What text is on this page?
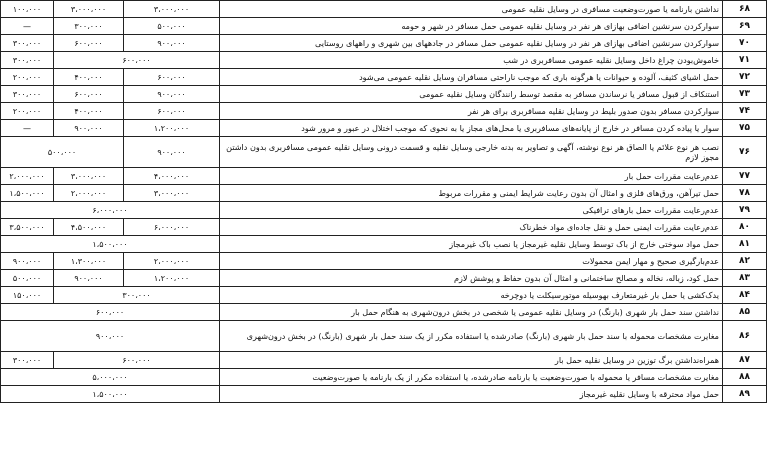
۱۰۰،۰۰۰	۳،۰۰۰،۰۰۰	۳،۰۰۰،۰۰۰	نداشتن بارنامه یا صورت‌وضعیت مسافری در وسایل نقلیه عمومی	۶۸
—	۳۰۰،۰۰۰	۵۰۰،۰۰۰	سوارکردن سرنشین اضافی بهازای هر نفر در وسایل نقلیه عمومی حمل مسافر در شهر و حومه	۶۹
۳۰۰،۰۰۰	۶۰۰،۰۰۰	۹۰۰،۰۰۰	سوارکردن سرنشین اضافی بهازای هر نفر در وسایل نقلیه عمومی حمل مسافر در جادههای بین شهری و راههای روستایی	۷۰
۳۰۰،۰۰۰	۶۰۰،۰۰۰		خاموش‌بودن چراغ داخل وسایل نقلیه عمومی مسافربری در شب	۷۱
۲۰۰،۰۰۰	۴۰۰،۰۰۰	۶۰۰،۰۰۰	حمل اشیای کثیف، آلوده و حیوانات یا هرگونه باری که موجب ناراحتی مسافران وسایل نقلیه عمومی می‌شود	۷۲
۳۰۰،۰۰۰	۶۰۰،۰۰۰	۹۰۰،۰۰۰	استنکاف از قبول مسافر یا نرساندن مسافر به مقصد توسط رانندگان وسایل نقلیه عمومی	۷۳
۲۰۰،۰۰۰	۴۰۰،۰۰۰	۶۰۰،۰۰۰	سوارکردن مسافر بدون صدور بلیط در وسایل نقلیه مسافربری برای هر نفر	۷۴
—	۹۰۰،۰۰۰	۱،۲۰۰،۰۰۰	سوار یا پیاده کردن مسافر در خارج از پایانه‌های مسافربری یا محل‌های مجاز یا به نحوی که موجب اختلال در عبور و مرور شود	۷۵
۵۰۰،۰۰۰		۹۰۰،۰۰۰	نصب هر نوع علائم یا الصاق هر نوع نوشته، آگهی و تصاویر به بدنه خارجی وسایل نقلیه و قسمت درونی وسایل نقلیه عمومی مسافربری بدون داشتن مجوز لازم	۷۶
۲،۰۰۰،۰۰۰	۳،۰۰۰،۰۰۰	۴،۰۰۰،۰۰۰	عدم‌رعایت مقررات حمل بار	۷۷
۱،۵۰۰،۰۰۰	۲،۰۰۰،۰۰۰	۳،۰۰۰،۰۰۰	حمل تیرآهن، ورق‌های فلزی و امثال آن بدون رعایت شرایط ایمنی و مقررات مربوط	۷۸
۶،۰۰۰،۰۰۰			عدم‌رعایت مقررات حمل بارهای ترافیکی	۷۹
۳،۵۰۰،۰۰۰	۴،۵۰۰،۰۰۰	۶،۰۰۰،۰۰۰	عدم‌رعایت مقررات ایمنی حمل و نقل جاده‌ای مواد خطرناک	۸۰
۱،۵۰۰،۰۰۰			حمل مواد سوختی خارج از باک توسط وسایل نقلیه غیرمجاز یا نصب باک غیرمجاز	۸۱
۹۰۰،۰۰۰	۱،۳۰۰،۰۰۰	۲،۰۰۰،۰۰۰	عدم‌بارگیری صحیح و مهار ایمن محمولات	۸۲
۵۰۰،۰۰۰	۹۰۰،۰۰۰	۱،۲۰۰،۰۰۰	حمل کود، زباله، نخاله و مصالح ساختمانی و امثال آن بدون حفاظ و پوشش لازم	۸۳
۱۵۰،۰۰۰	۳۰۰،۰۰۰		یدک‌کشی یا حمل بار غیرمتعارف بهوسیله موتورسیکلت یا دوچرخه	۸۴
۶۰۰،۰۰۰			نداشتن سند حمل بار شهری (بارنگ) در وسایل نقلیه عمومی یا شخصی در بخش درون‌شهری به هنگام حمل بار	۸۵
۹۰۰،۰۰۰			مغایرت مشخصات محموله با سند حمل بار شهری (بارنگ) صادرشده یا استفاده مکرر از یک سند حمل بار شهری (بارنگ) در بخش درون‌شهری	۸۶
۳۰۰،۰۰۰	۶۰۰،۰۰۰		همراه‌نداشتن برگ توزین در وسایل نقلیه حمل بار	۸۷
۵،۰۰۰،۰۰۰			مغایرت مشخصات مسافر یا محموله با صورت‌وضعیت یا بارنامه صادرشده، یا استفاده مکرر از یک بارنامه یا صورت‌وضعیت	۸۸
۱،۵۰۰،۰۰۰			حمل مواد محترقه با وسایل نقلیه غیرمجاز	۸۹
